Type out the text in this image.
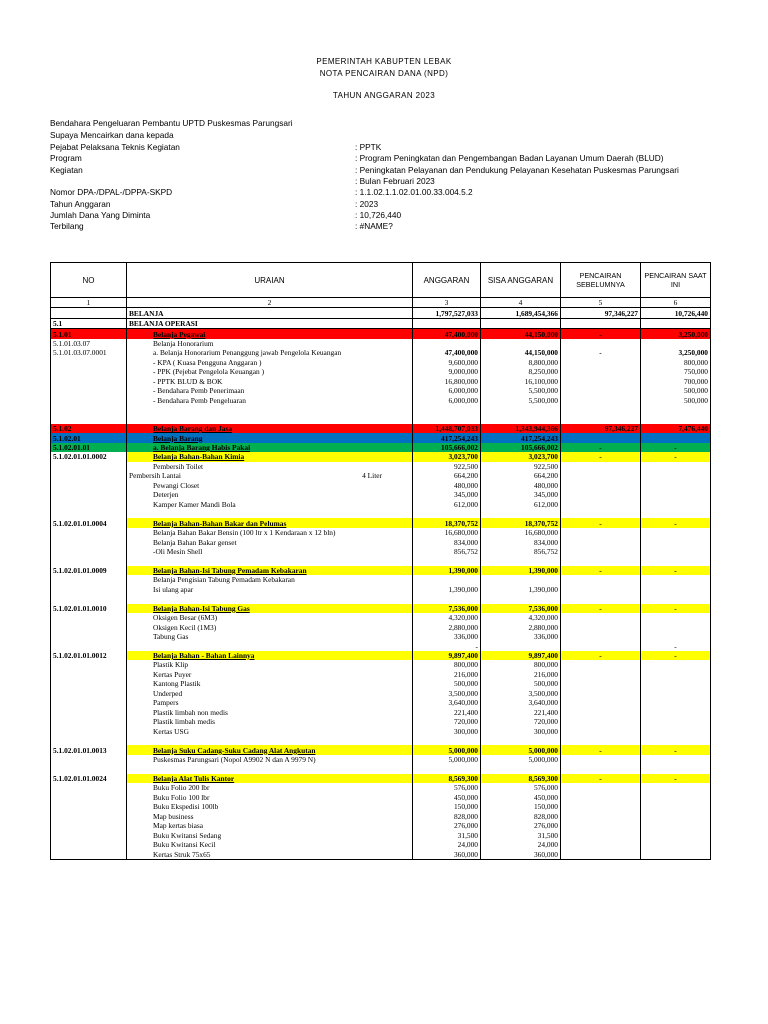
PEMERINTAH KABUPTEN LEBAK
NOTA PENCAIRAN DANA (NPD)
TAHUN ANGGARAN 2023
Bendahara Pengeluaran Pembantu UPTD Puskesmas Parungsari
Supaya Mencairkan dana kepada
Pejabat Pelaksana Teknis Kegiatan	: PPTK
Program	: Program Peningkatan dan Pengembangan Badan Layanan Umum Daerah (BLUD)
Kegiatan	: Peningkatan Pelayanan dan Pendukung Pelayanan Kesehatan Puskesmas Parungsari
: Bulan Februari 2023
Nomor DPA-/DPAL-/DPPA-SKPD	: 1.1.02.1.1.02.01.00.33.004.5.2
Tahun Anggaran	: 2023
Jumlah Dana Yang Diminta	: 10,726,440
Terbilang	: #NAME?
NO	URAIAN	ANGGARAN	SISA ANGGARAN	PENCAIRAN SEBELUMNYA	PENCAIRAN SAAT INI
1	2	3	4	5	6
	BELANJA	1,797,527,033	1,689,454,366	97,346,227	10,726,440
5.1	BELANJA OPERASI				
5.1.01	Belanja Pegawai	47,400,000	44,150,000	-	3,250,000
5.1.01.03.07	Belanja Honorarium				
5.1.01.03.07.0001	a. Belanja Honorarium Penanggung jawab Pengelola Keuangan	47,400,000	44,150,000	-	3,250,000
	- KPA ( Kuasa Pengguna Anggaran )	9,600,000	8,800,000		800,000
	- PPK (Pejebat Pengelola Keuangan )	9,000,000	8,250,000		750,000
	- PPTK BLUD & BOK	16,800,000	16,100,000		700,000
	- Bendahara Pemb Penerimaan	6,000,000	5,500,000		500,000
	- Bendahara Pemb Pengeluaran	6,000,000	5,500,000		500,000

5.1.02	Belanja Barang dan Jasa	1,448,707,033	1,343,944,366	97,346,227	7,476,440
5.1.02.01	Belanja Barang	417,254,243	417,254,243		
5.1.02.01.01	a. Belanja Barang Habis Pakai	105,666,002	105,666,002	-	-
5.1.02.01.01.0002	Belanja Bahan-Bahan Kimia	3,023,700	3,023,700	-	-
	Pembersih Toilet	922,500	922,500		
	Pembersih Lantai 4 Liter	664,200	664,200		
	Pewangi Closet	480,000	480,000		
	Deterjen	345,000	345,000		
	Kamper Kamer Mandi Bola	612,000	612,000		

5.1.02.01.01.0004	Belanja Bahan-Bahan Bakar dan Pelumas	18,370,752	18,370,752	-	-
	Belanja Bahan Bakar Bensin (100 ltr x 1 Kendaraan x 12 bln)	16,680,000	16,680,000		
	Belanja Bahan Bakar genset	834,000	834,000		
	-Oli Mesin Shell	856,752	856,752		

5.1.02.01.01.0009	Belanja Bahan-Isi Tabung Pemadam Kebakaran	1,390,000	1,390,000	-	-
	Belanja Pengisian Tabung Pemadam Kebakaran				
	Isi ulang apar	1,390,000	1,390,000		

5.1.02.01.01.0010	Belanja Bahan-Isi Tabung Gas	7,536,000	7,536,000	-	-
	Oksigen Besar (6M3)	4,320,000	4,320,000		
	Oksigen Kecil (1M3)	2,880,000	2,880,000		
	Tabung Gas	336,000	336,000		
		-			-
5.1.02.01.01.0012	Belanja Bahan - Bahan Lainnya	9,897,400	9,897,400	-	-
	Plastik Klip	800,000	800,000		
	Kertas Puyer	216,000	216,000		
	Kantong Plastik	500,000	500,000		
	Underped	3,500,000	3,500,000		
	Pampers	3,640,000	3,640,000		
	Plastik limbah non medis	221,400	221,400		
	Plastik limbah medis	720,000	720,000		
	Kertas USG	300,000	300,000		

5.1.02.01.01.0013	Belanja Suku Cadang-Suku Cadang Alat Angkutan	5,000,000	5,000,000	-	-
	Puskesmas Parungsari (Nopol A9902 N dan A 9979 N)	5,000,000	5,000,000		

5.1.02.01.01.0024	Belanja Alat Tulis Kantor	8,569,300	8,569,300	-	-
	Buku Folio 200 lbr	576,000	576,000		
	Buku Folio 100 lbr	450,000	450,000		
	Buku Ekspedisi 100lb	150,000	150,000		
	Map business	828,000	828,000		
	Map kertas biasa	276,000	276,000		
	Buku Kwitansi Sedang	31,500	31,500		
	Buku Kwitansi Kecil	24,000	24,000		
	Kertas Struk 75x65	360,000	360,000		
